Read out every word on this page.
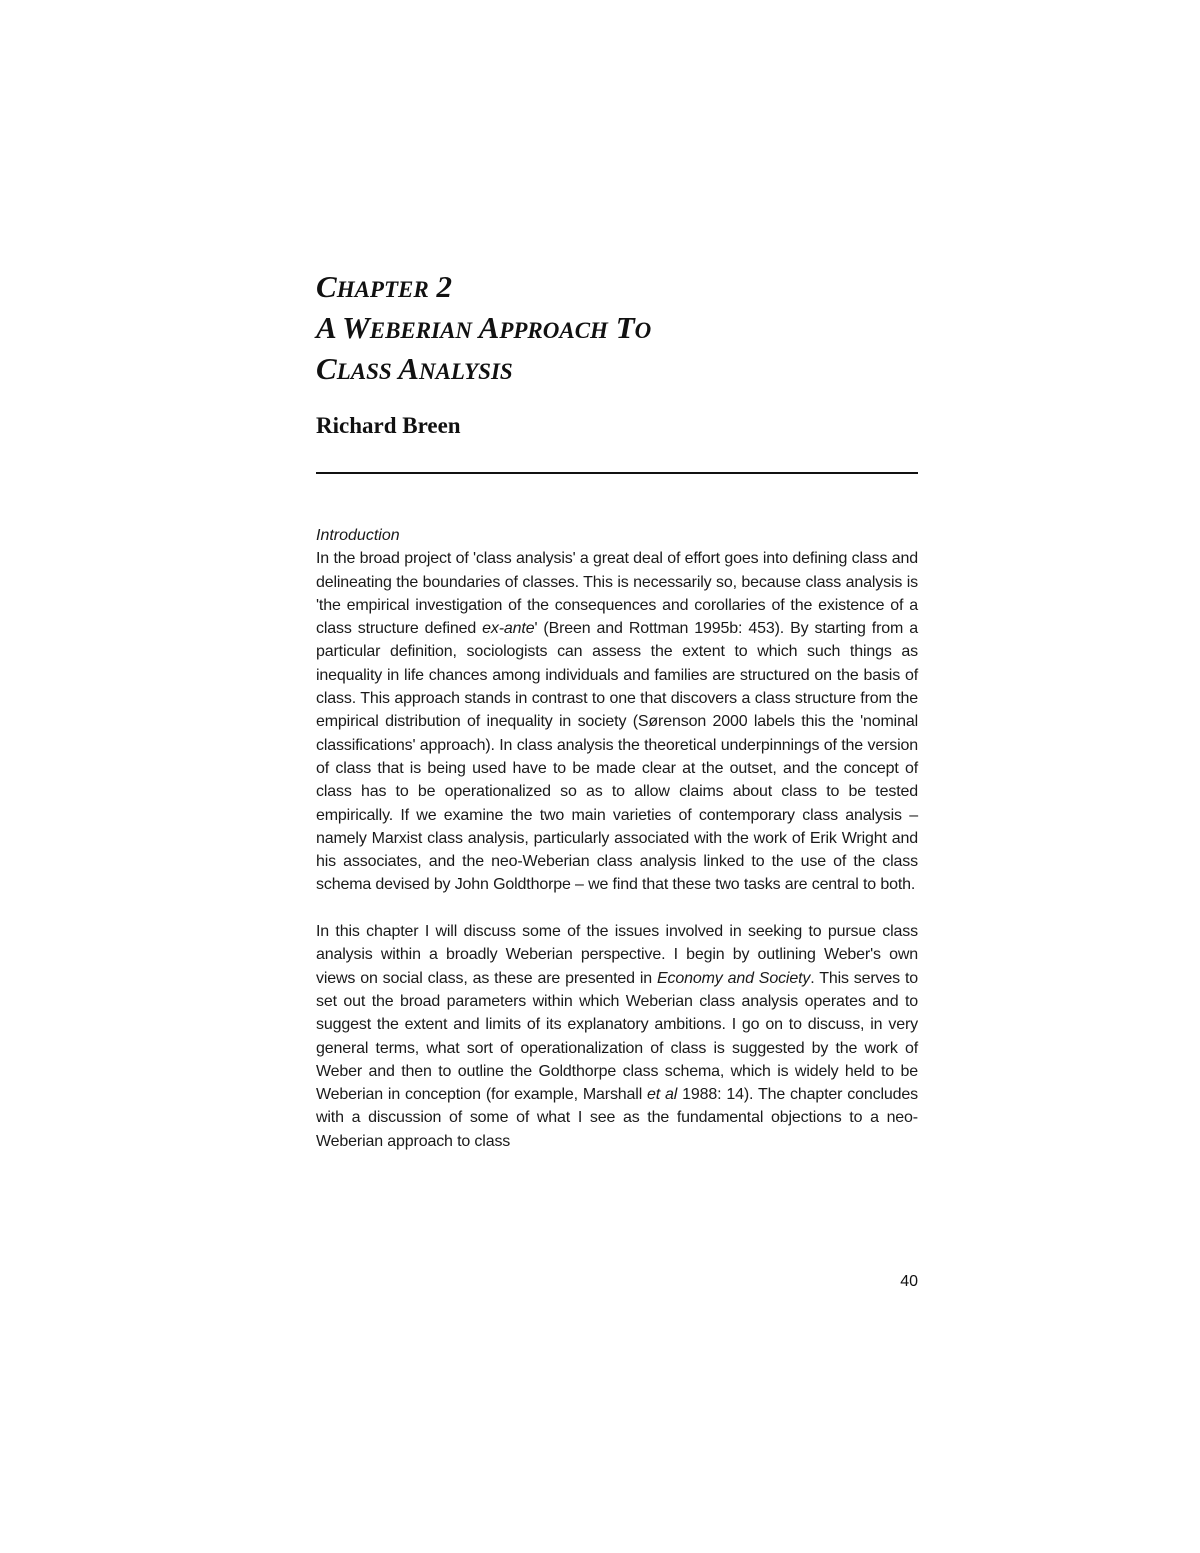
CHAPTER 2
A WEBERIAN APPROACH TO
CLASS ANALYSIS
Richard Breen
Introduction

In the broad project of 'class analysis' a great deal of effort goes into defining class and delineating the boundaries of classes. This is necessarily so, because class analysis is 'the empirical investigation of the consequences and corollaries of the existence of a class structure defined ex-ante' (Breen and Rottman 1995b: 453). By starting from a particular definition, sociologists can assess the extent to which such things as inequality in life chances among individuals and families are structured on the basis of class. This approach stands in contrast to one that discovers a class structure from the empirical distribution of inequality in society (Sørenson 2000 labels this the 'nominal classifications' approach). In class analysis the theoretical underpinnings of the version of class that is being used have to be made clear at the outset, and the concept of class has to be operationalized so as to allow claims about class to be tested empirically. If we examine the two main varieties of contemporary class analysis – namely Marxist class analysis, particularly associated with the work of Erik Wright and his associates, and the neo-Weberian class analysis linked to the use of the class schema devised by John Goldthorpe – we find that these two tasks are central to both.

In this chapter I will discuss some of the issues involved in seeking to pursue class analysis within a broadly Weberian perspective. I begin by outlining Weber's own views on social class, as these are presented in Economy and Society. This serves to set out the broad parameters within which Weberian class analysis operates and to suggest the extent and limits of its explanatory ambitions. I go on to discuss, in very general terms, what sort of operationalization of class is suggested by the work of Weber and then to outline the Goldthorpe class schema, which is widely held to be Weberian in conception (for example, Marshall et al 1988: 14). The chapter concludes with a discussion of some of what I see as the fundamental objections to a neo-Weberian approach to class

40
